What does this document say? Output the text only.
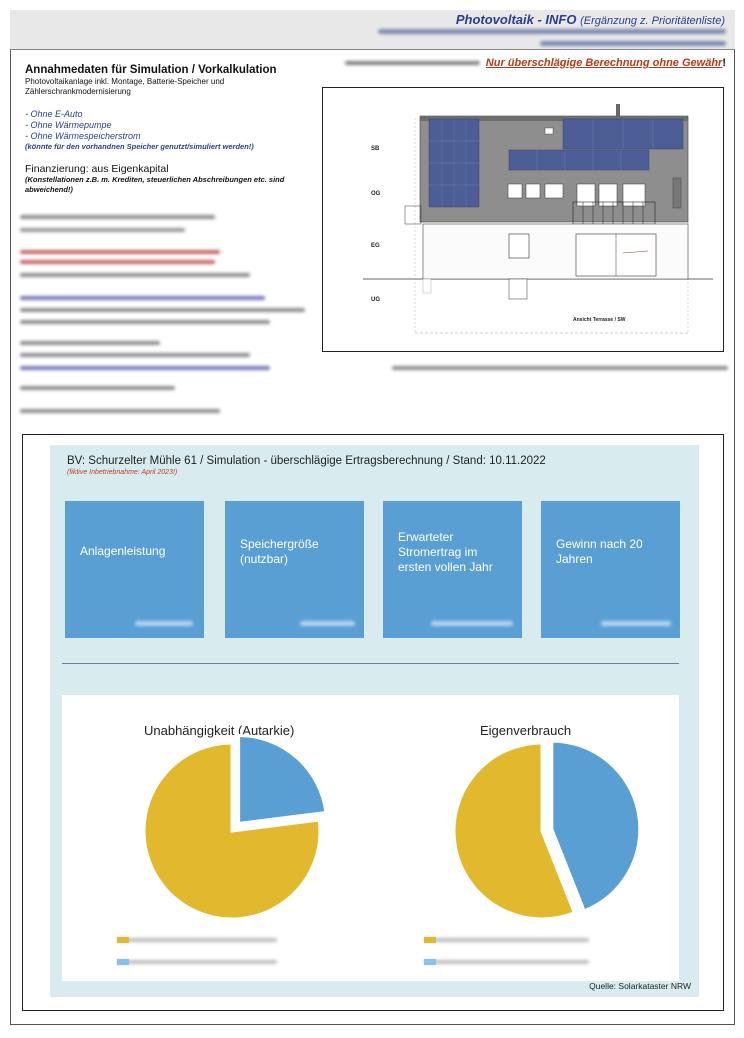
Photovoltaik - INFO (Ergänzung z. Prioritätenliste)
Nur überschlägige Berechnung ohne Gewähr!
Annahmedaten für Simulation / Vorkalkulation
Photovoltaikanlage inkl. Montage, Batterie-Speicher und Zählerschrankmodernisierung
- Ohne E-Auto
- Ohne Wärmepumpe
- Ohne Wärmespeicherstrom
(könnte für den vorhandnen Speicher genutzt/simuliert werden!)
Finanzierung: aus Eigenkapital
(Konstellationen z.B. m. Krediten, steuerlichen Abschreibungen etc. sind abweichend!)
SB
OG
EG
UG
Ansicht Terrasse / SW
BV: Schurzelter Mühle 61 / Simulation - überschlägige Ertragsberechnung / Stand: 10.11.2022
(fiktive Inbetriebnahme: April 2023!)
Anlagenleistung	Speichergröße
(nutzbar)
Erwarteter
Stromertrag im
ersten vollen Jahr
Gewinn nach 20
Jahren
Unabhängigkeit (Autarkie)	Eigenverbrauch
Quelle: Solarkataster NRW
